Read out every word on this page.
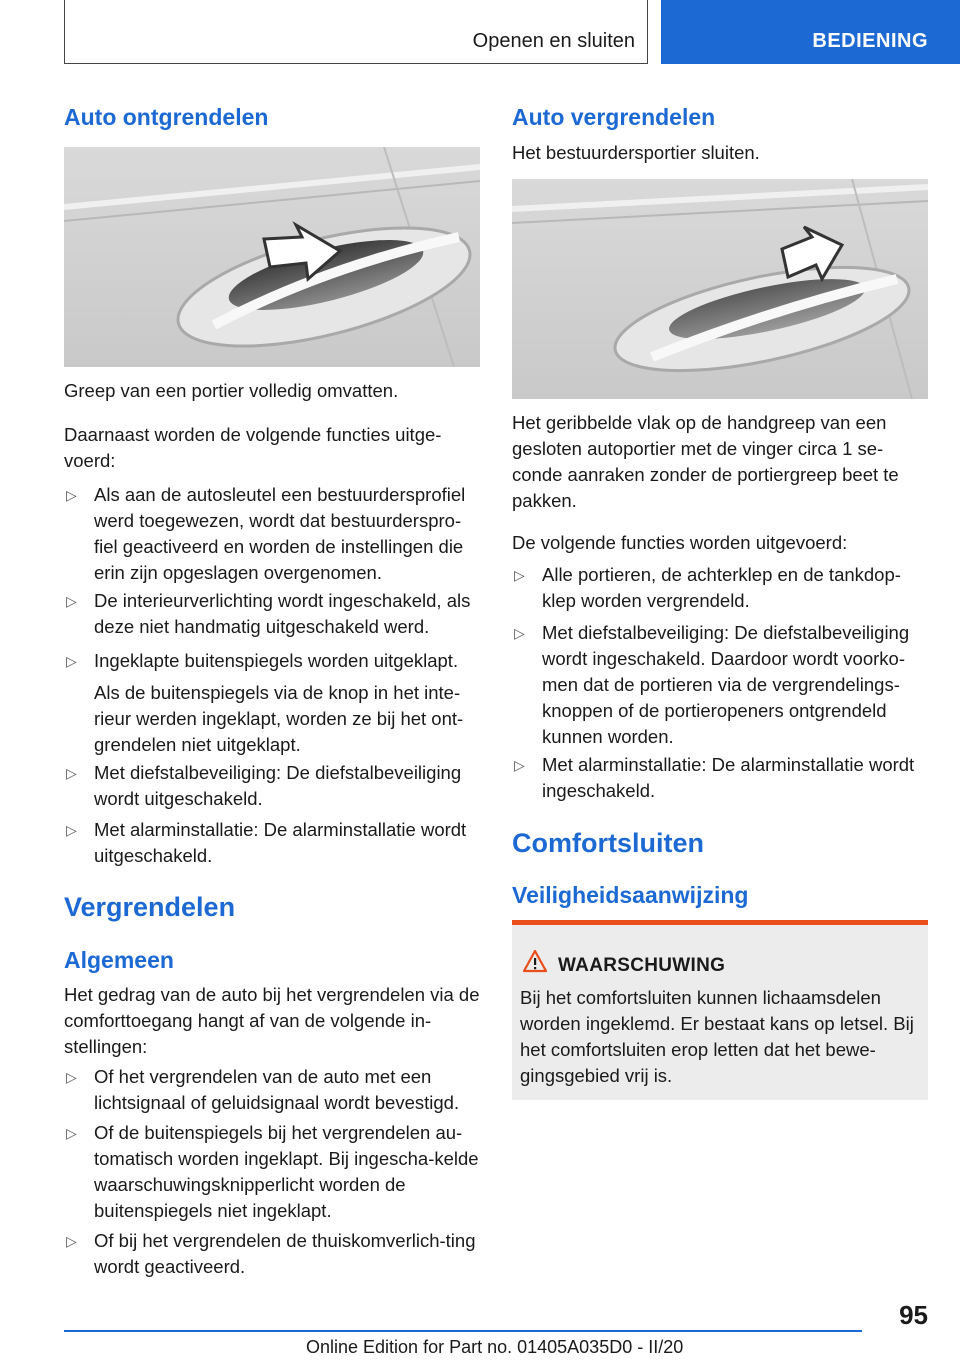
Openen en sluiten	BEDIENING
Auto ontgrendelen

Greep van een portier volledig omvatten.

Daarnaast worden de volgende functies uitge-voerd:

▷ Als aan de autosleutel een bestuurdersprofiel werd toegewezen, wordt dat bestuurderspro-fiel geactiveerd en worden de instellingen die erin zijn opgeslagen overgenomen.
▷ De interieurverlichting wordt ingeschakeld, als deze niet handmatig uitgeschakeld werd.
▷ Ingeklapte buitenspiegels worden uitgeklapt.

Als de buitenspiegels via de knop in het inte-rieur werden ingeklapt, worden ze bij het ont-grendelen niet uitgeklapt.

▷ Met diefstalbeveiliging: De diefstalbeveiliging wordt uitgeschakeld.
▷ Met alarminstallatie: De alarminstallatie wordt uitgeschakeld.
Vergrendelen
Algemeen

Het gedrag van de auto bij het vergrendelen via de comforttoegang hangt af van de volgende in-stellingen:

▷ Of het vergrendelen van de auto met een lichtsignaal of geluidsignaal wordt bevestigd.
▷ Of de buitenspiegels bij het vergrendelen au-tomatisch worden ingeklapt. Bij ingescha-kelde waarschuwingsknipperlicht worden de buitenspiegels niet ingeklapt.
▷ Of bij het vergrendelen de thuiskomverlich-ting wordt geactiveerd.
Auto vergrendelen

Het bestuurdersportier sluiten.

Het geribbelde vlak op de handgreep van een gesloten autoportier met de vinger circa 1 se-conde aanraken zonder de portiergreep beet te pakken.

De volgende functies worden uitgevoerd:

▷ Alle portieren, de achterklep en de tankdop-klep worden vergrendeld.
▷ Met diefstalbeveiliging: De diefstalbeveiliging wordt ingeschakeld. Daardoor wordt voorko-men dat de portieren via de vergrendelings-knoppen of de portieropeners ontgrendeld kunnen worden.
▷ Met alarminstallatie: De alarminstallatie wordt ingeschakeld.
Comfortsluiten
Veiligheidsaanwijzing
WAARSCHUWING

Bij het comfortsluiten kunnen lichaamsdelen worden ingeklemd. Er bestaat kans op letsel. Bij het comfortsluiten erop letten dat het bewe-gingsgebied vrij is.

95
Online Edition for Part no. 01405A035D0 - II/20
